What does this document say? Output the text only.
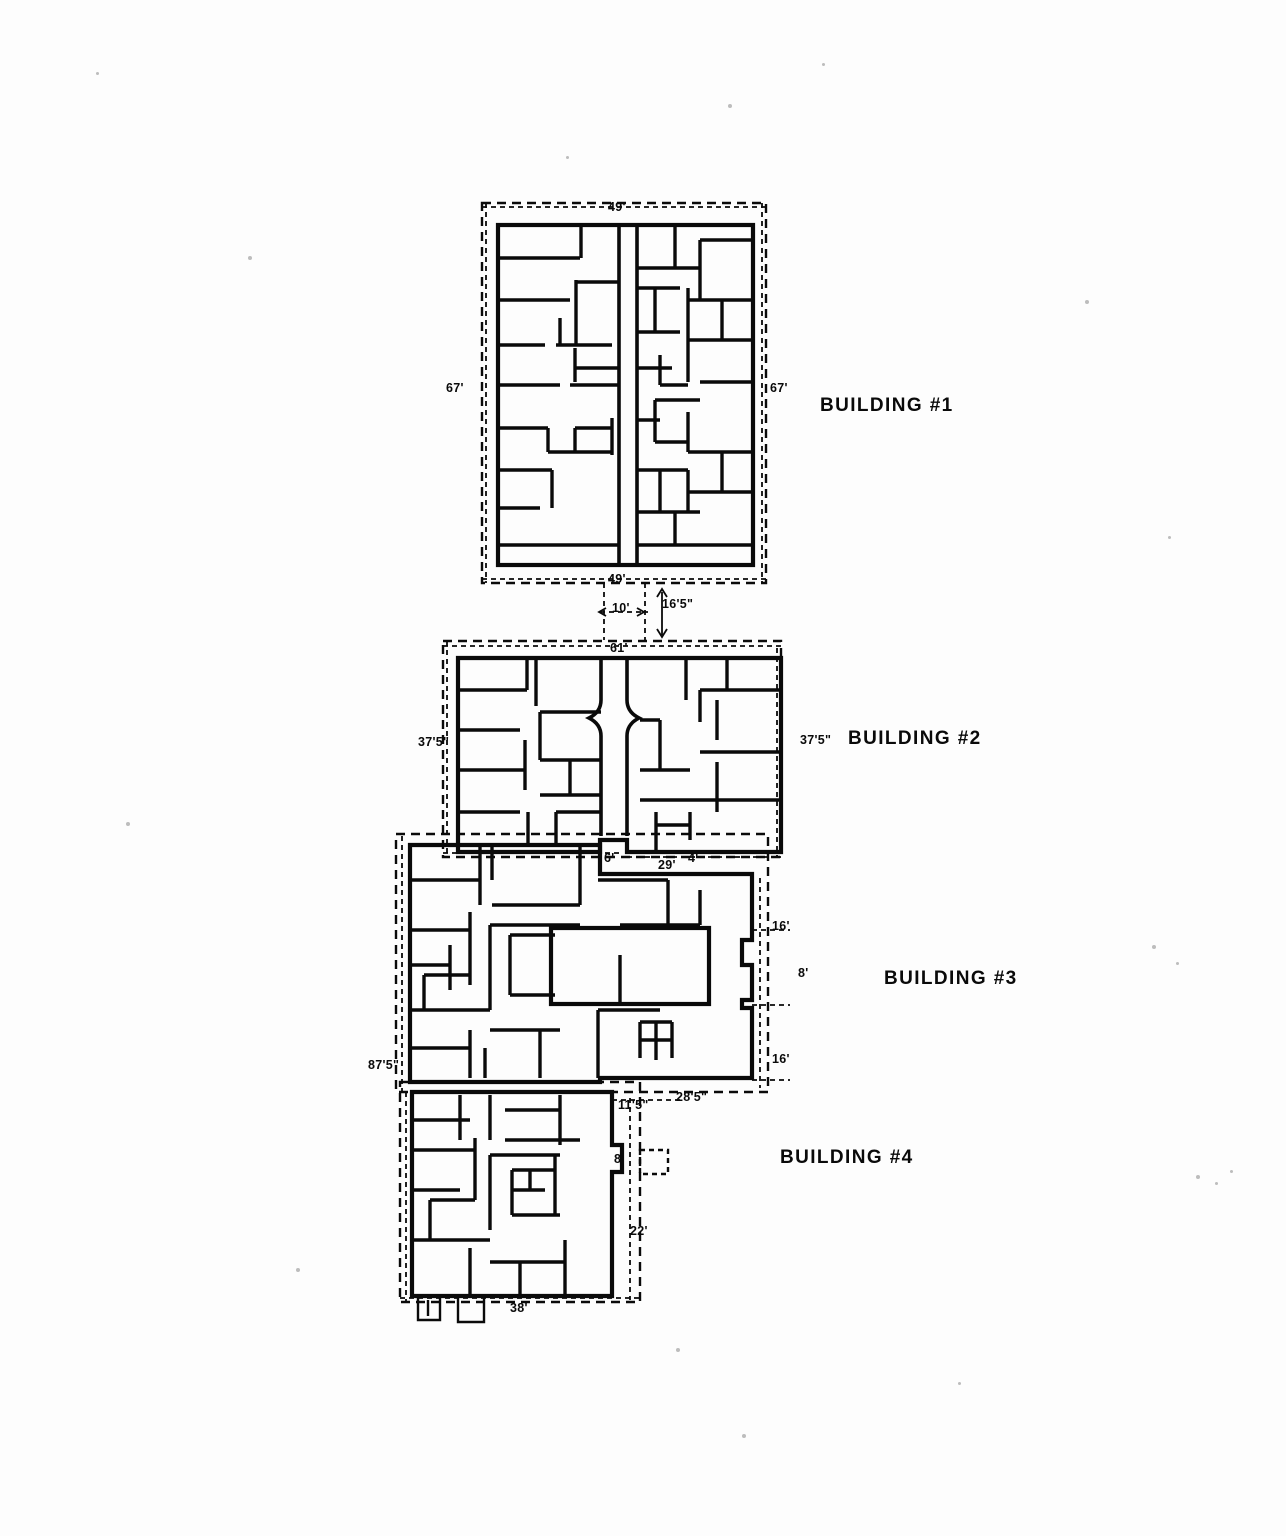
BUILDING #1
BUILDING #2
BUILDING #3
BUILDING #4
49'
67'	67'
49'
10'	16'5"
61'
37'5"	37'5"
6'	29' 4'
16'
8'
16'
87'5"
11'5"
28'5"
8'
22'
38'
